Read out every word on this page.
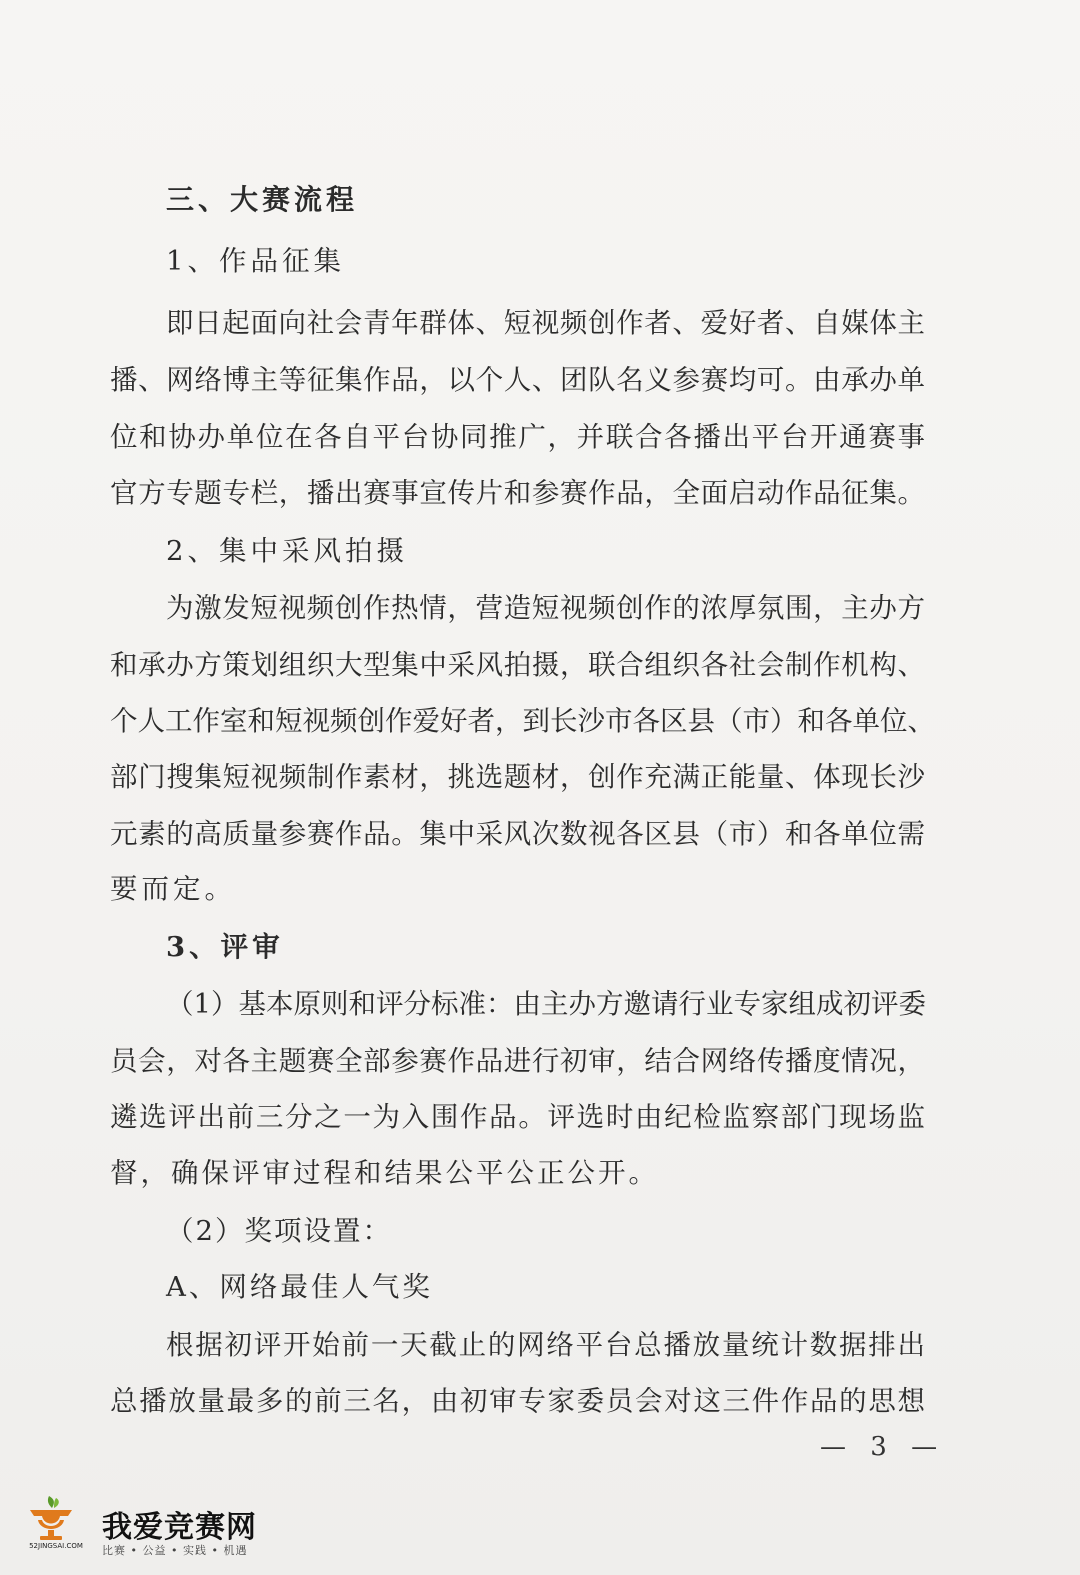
三、大赛流程
1、作品征集
即日起面向社会青年群体、短视频创作者、爱好者、自媒体主
播、网络博主等征集作品，以个人、团队名义参赛均可。由承办单
位和协办单位在各自平台协同推广，并联合各播出平台开通赛事
官方专题专栏，播出赛事宣传片和参赛作品，全面启动作品征集。
2、集中采风拍摄
为激发短视频创作热情，营造短视频创作的浓厚氛围，主办方
和承办方策划组织大型集中采风拍摄，联合组织各社会制作机构、
个人工作室和短视频创作爱好者，到长沙市各区县（市）和各单位、
部门搜集短视频制作素材，挑选题材，创作充满正能量、体现长沙
元素的高质量参赛作品。集中采风次数视各区县（市）和各单位需
要而定。
3、评审
（1）基本原则和评分标准：由主办方邀请行业专家组成初评委
员会，对各主题赛全部参赛作品进行初审，结合网络传播度情况，
遴选评出前三分之一为入围作品。评选时由纪检监察部门现场监
督，确保评审过程和结果公平公正公开。
（2）奖项设置：
A、网络最佳人气奖
根据初评开始前一天截止的网络平台总播放量统计数据排出
总播放量最多的前三名，由初审专家委员会对这三件作品的思想
— 3 —
我爱竞赛网
52JINGSAI.COM	比赛 • 公益 • 实践 • 机遇
